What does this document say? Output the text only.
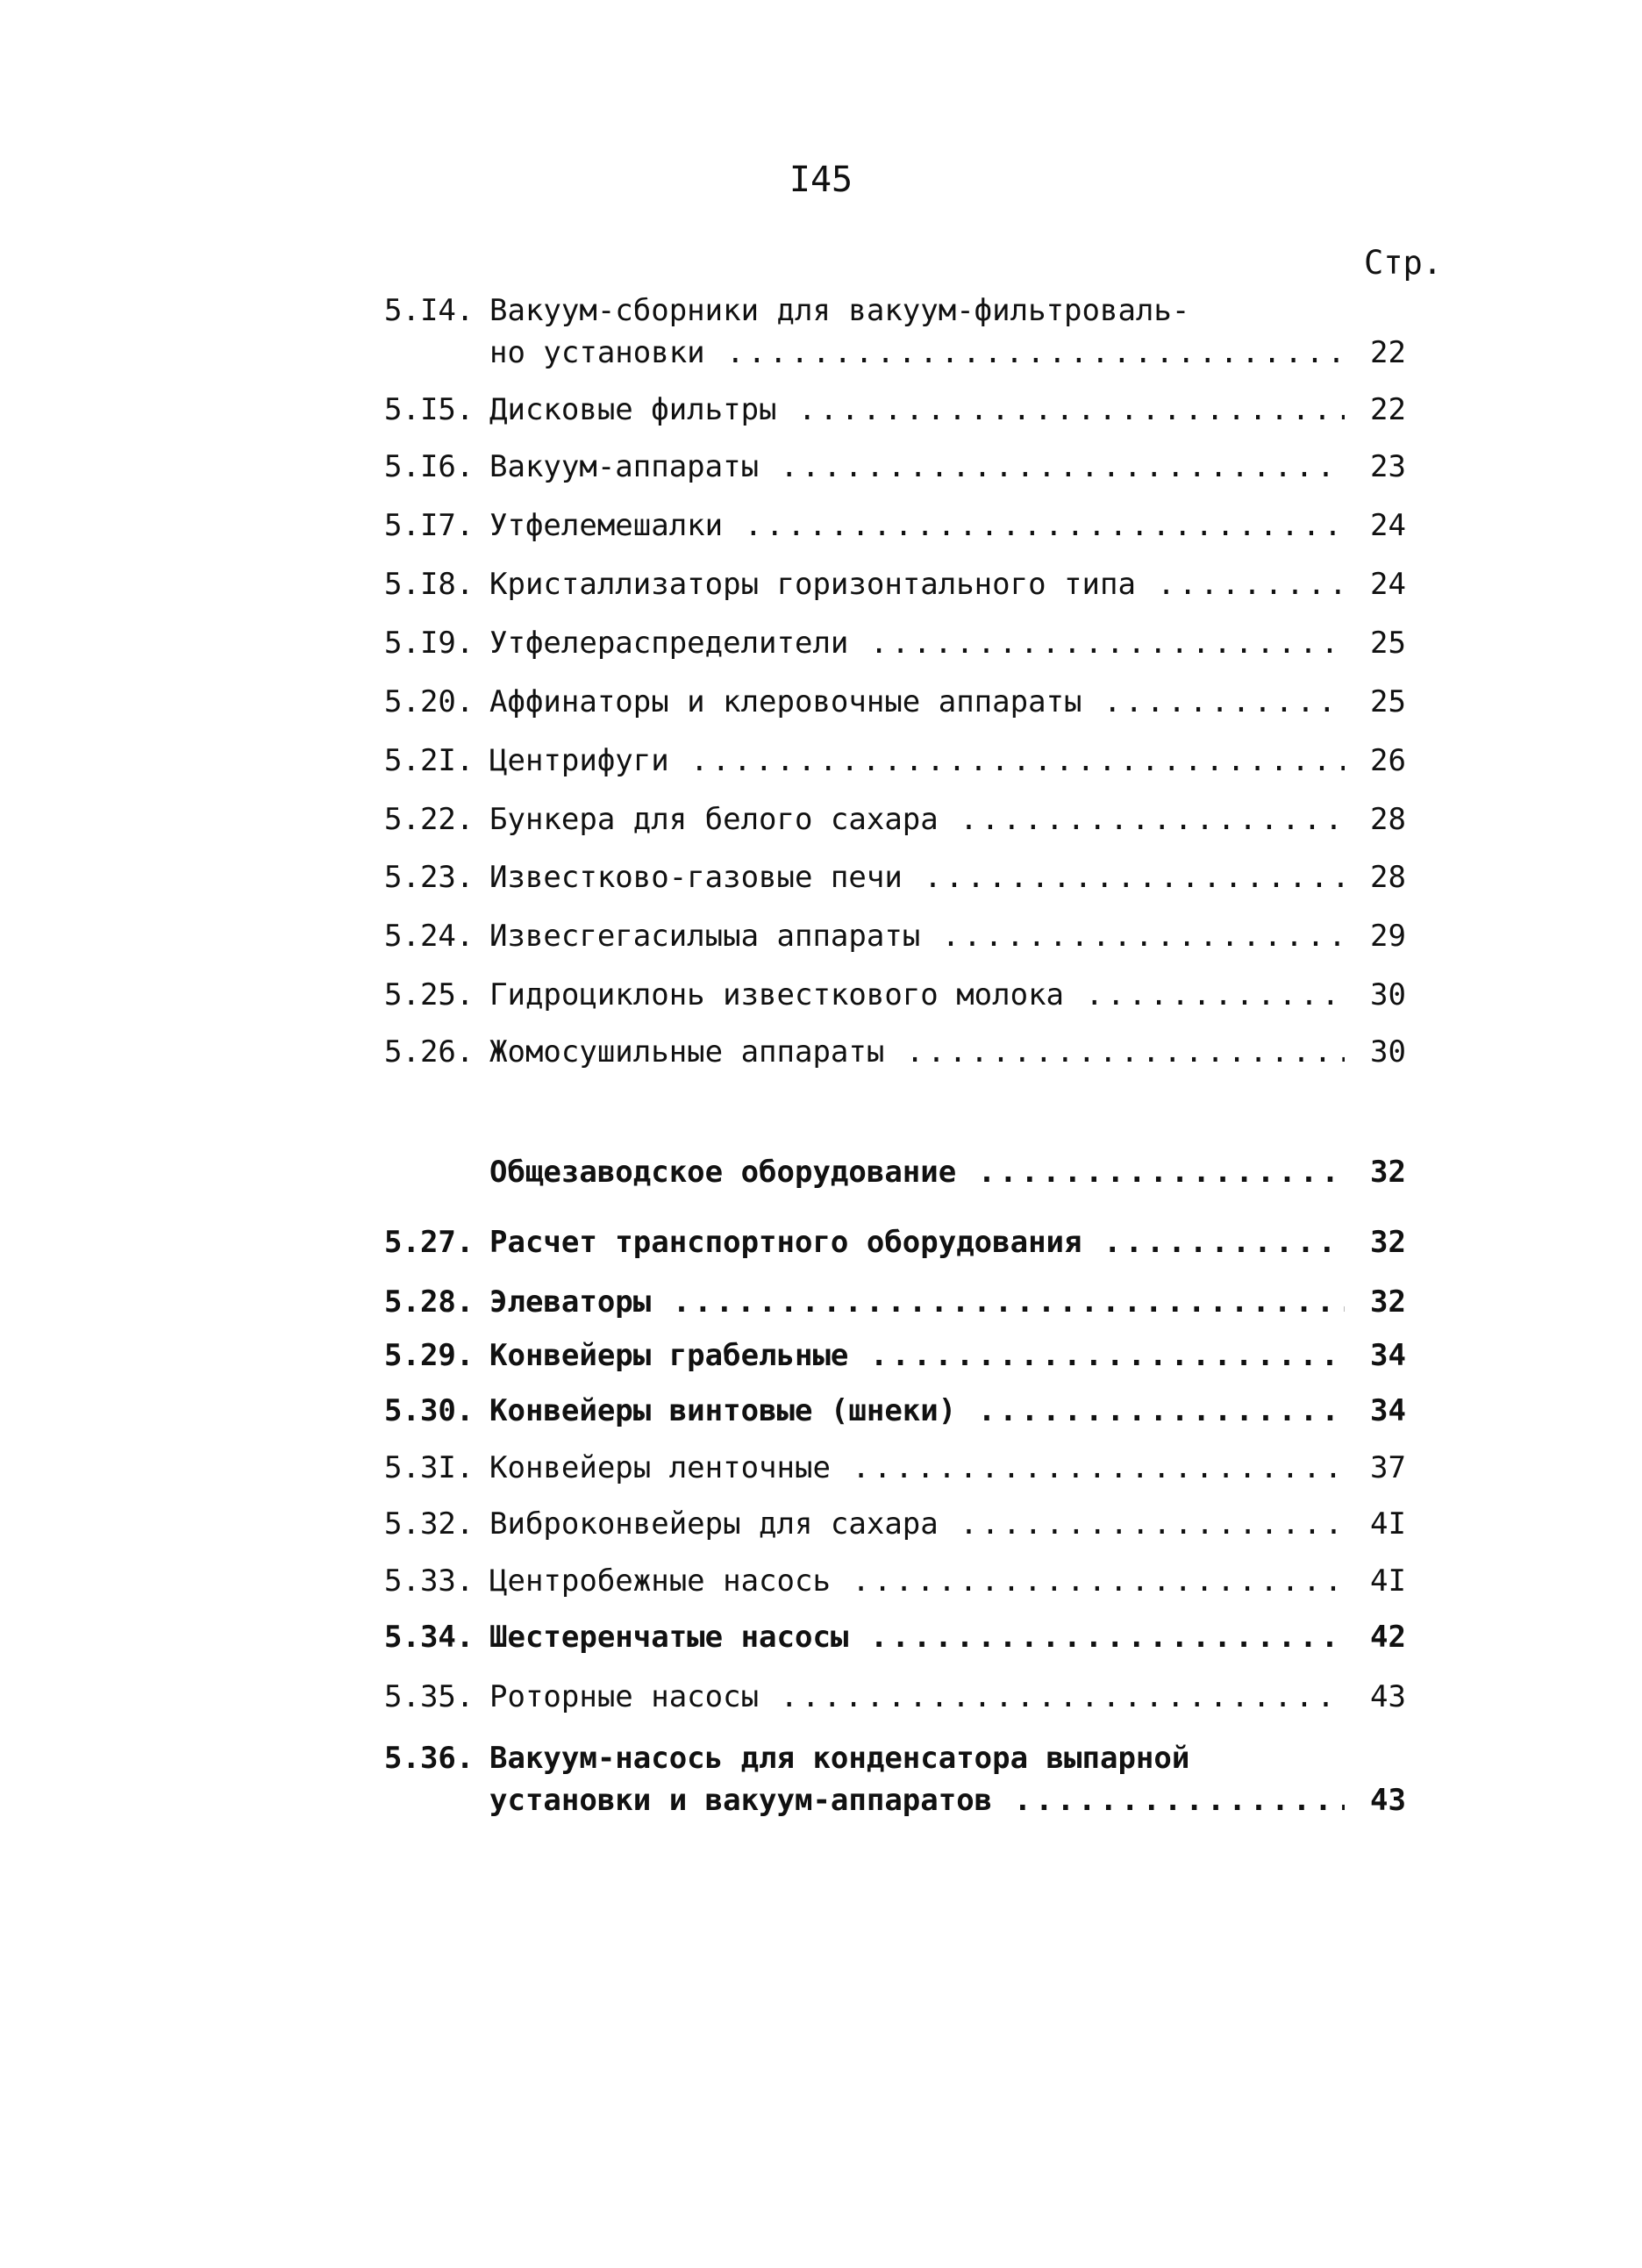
I45
Стр.
5.I4. Вакуум-сборники для вакуум-фильтроваль-
но установки .....	22
5.I5. Дисковые фильтры .....	22
5.I6. Вакуум-аппараты .....	23
5.I7. Утфелемешалки .....	24
5.I8. Кристаллизаторы горизонтального типа .....	24
5.I9. Утфелераспределители .....	25
5.20. Аффинаторы и клеровочные аппараты .....	25
5.2I. Центрифуги .....	26
5.22. Бункера для белого сахара .....	28
5.23. Известково-газовые печи .....	28
5.24. Извесгегасилыыа аппараты .....	29
5.25. Гидроциклонь известкового молока .....	30
5.26. Жомосушильные аппараты .....	30
Общезаводское оборудование .....	32
5.27. Расчет транспортного оборудования .....	32
5.28. Элеваторы .....	32
5.29. Конвейеры грабельные .....	34
5.30. Конвейеры винтовые (шнеки) .....	34
5.3I. Конвейеры ленточные .....	37
5.32. Виброконвейеры для сахара .....	4I
5.33. Центробежные насось .....	4I
5.34. Шестеренчатые насосы .....	42
5.35. Роторные насосы .....	43
5.36. Вакуум-насось для конденсатора выпарной
установки и вакуум-аппаратов .....	43
